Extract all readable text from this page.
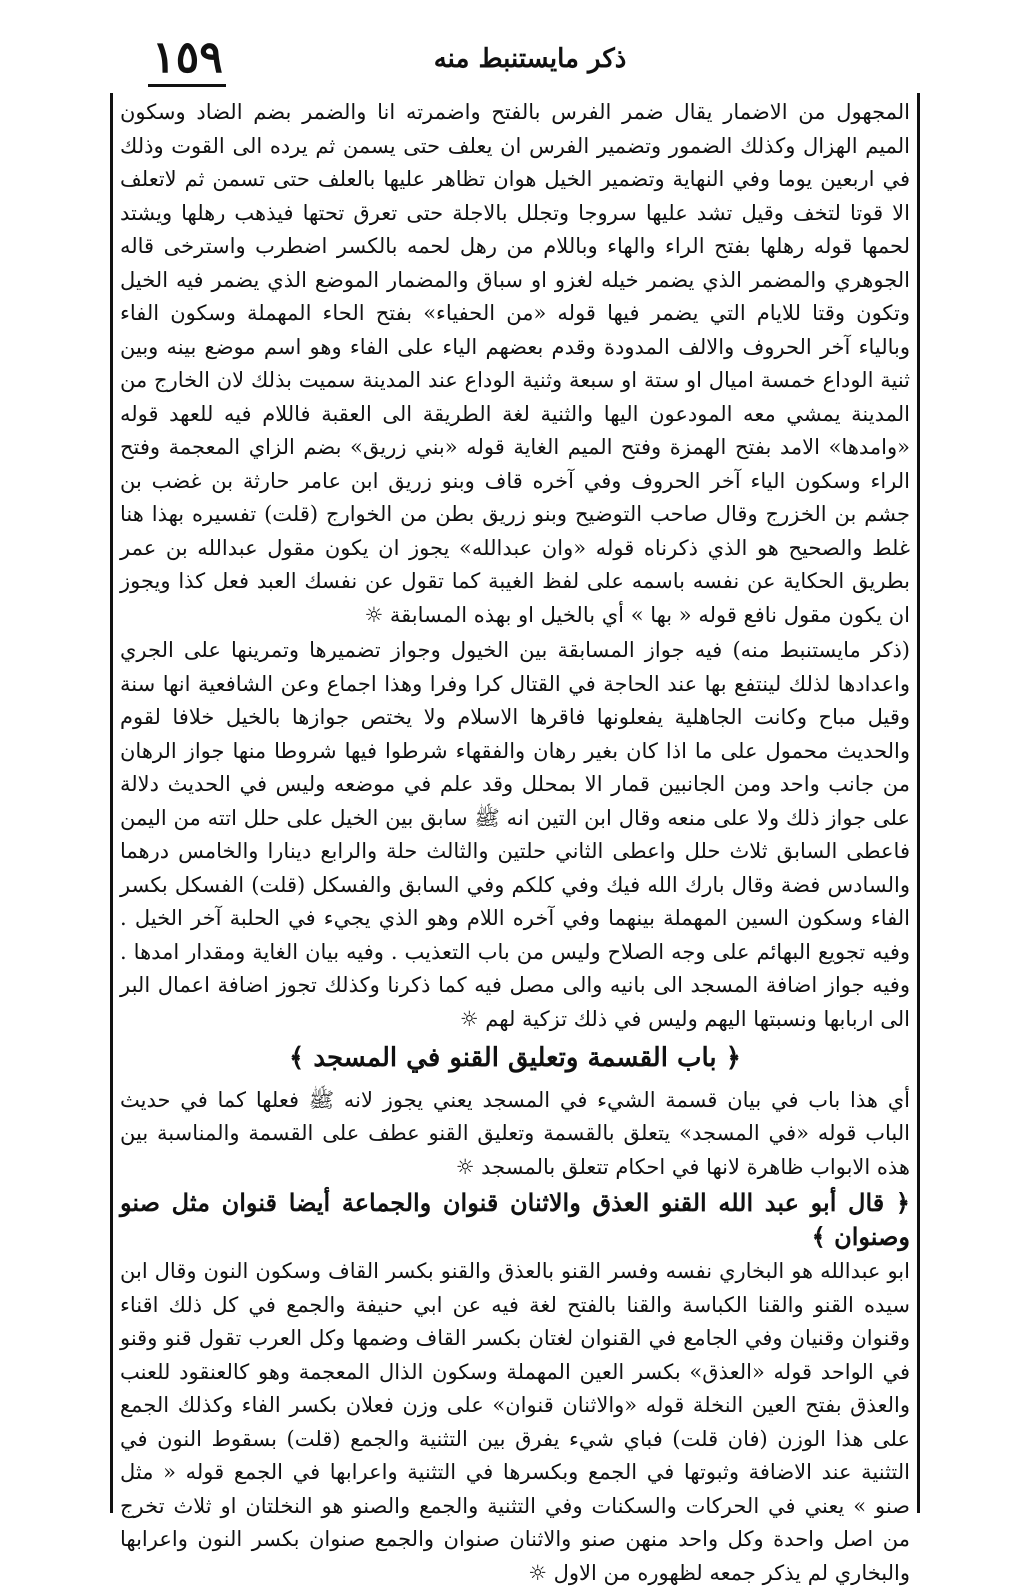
١٥٩	ذكر مايستنبط منه

المجهول من الاضمار يقال ضمر الفرس بالفتح واضمرته انا والضمر بضم الضاد وسكون الميم الهزال وكذلك الضمور وتضمير الفرس ان يعلف حتى يسمن ثم يرده الى القوت وذلك في اربعين يوما وفي النهاية وتضمير الخيل هوان تظاهر عليها بالعلف حتى تسمن ثم لاتعلف الا قوتا لتخف وقيل تشد عليها سروجا وتجلل بالاجلة حتى تعرق تحتها فيذهب رهلها ويشتد لحمها قوله رهلها بفتح الراء والهاء وباللام من رهل لحمه بالكسر اضطرب واسترخى قاله الجوهري والمضمر الذي يضمر خيله لغزو او سباق والمضمار الموضع الذي يضمر فيه الخيل وتكون وقتا للايام التي يضمر فيها قوله «من الحفياء» بفتح الحاء المهملة وسكون الفاء وبالياء آخر الحروف والالف المدودة وقدم بعضهم الياء على الفاء وهو اسم موضع بينه وبين ثنية الوداع خمسة اميال او ستة او سبعة وثنية الوداع عند المدينة سميت بذلك لان الخارج من المدينة يمشي معه المودعون اليها والثنية لغة الطريقة الى العقبة فاللام فيه للعهد قوله «وامدها» الامد بفتح الهمزة وفتح الميم الغاية قوله «بني زريق» بضم الزاي المعجمة وفتح الراء وسكون الياء آخر الحروف وفي آخره قاف وبنو زريق ابن عامر حارثة بن غضب بن جشم بن الخزرج وقال صاحب التوضيح وبنو زريق بطن من الخوارج (قلت) تفسيره بهذا هنا غلط والصحيح هو الذي ذكرناه قوله «وان عبدالله» يجوز ان يكون مقول عبدالله بن عمر بطريق الحكاية عن نفسه باسمه على لفظ الغيبة كما تقول عن نفسك العبد فعل كذا ويجوز ان يكون مقول نافع قوله « بها » أي بالخيل او بهذه المسابقة ☼

(ذكر مايستنبط منه) فيه جواز المسابقة بين الخيول وجواز تضميرها وتمرينها على الجري واعدادها لذلك لينتفع بها عند الحاجة في القتال كرا وفرا وهذا اجماع وعن الشافعية انها سنة وقيل مباح وكانت الجاهلية يفعلونها فاقرها الاسلام ولا يختص جوازها بالخيل خلافا لقوم والحديث محمول على ما اذا كان بغير رهان والفقهاء شرطوا فيها شروطا منها جواز الرهان من جانب واحد ومن الجانبين قمار الا بمحلل وقد علم في موضعه وليس في الحديث دلالة على جواز ذلك ولا على منعه وقال ابن التين انه ﷺ سابق بين الخيل على حلل اتته من اليمن فاعطى السابق ثلاث حلل واعطى الثاني حلتين والثالث حلة والرابع دينارا والخامس درهما والسادس فضة وقال بارك الله فيك وفي كلكم وفي السابق والفسكل (قلت) الفسكل بكسر الفاء وسكون السين المهملة بينهما وفي آخره اللام وهو الذي يجيء في الحلبة آخر الخيل . وفيه تجويع البهائم على وجه الصلاح وليس من باب التعذيب . وفيه بيان الغاية ومقدار امدها . وفيه جواز اضافة المسجد الى بانيه والى مصل فيه كما ذكرنا وكذلك تجوز اضافة اعمال البر الى اربابها ونسبتها اليهم وليس في ذلك تزكية لهم ☼

﴿ باب القسمة وتعليق القنو في المسجد ﴾

أي هذا باب في بيان قسمة الشيء في المسجد يعني يجوز لانه ﷺ فعلها كما في حديث الباب قوله «في المسجد» يتعلق بالقسمة وتعليق القنو عطف على القسمة والمناسبة بين هذه الابواب ظاهرة لانها في احكام تتعلق بالمسجد ☼

﴿ قال أبو عبد الله القنو العذق والاثنان قنوان والجماعة أيضا قنوان مثل صنو وصنوان ﴾

ابو عبدالله هو البخاري نفسه وفسر القنو بالعذق والقنو بكسر القاف وسكون النون وقال ابن سيده القنو والقنا الكباسة والقنا بالفتح لغة فيه عن ابي حنيفة والجمع في كل ذلك اقناء وقنوان وقنيان وفي الجامع في القنوان لغتان بكسر القاف وضمها وكل العرب تقول قنو وقنو في الواحد قوله «العذق» بكسر العين المهملة وسكون الذال المعجمة وهو كالعنقود للعنب والعذق بفتح العين النخلة قوله «والاثنان قنوان» على وزن فعلان بكسر الفاء وكذلك الجمع على هذا الوزن (فان قلت) فباي شيء يفرق بين التثنية والجمع (قلت) بسقوط النون في التثنية عند الاضافة وثبوتها في الجمع وبكسرها في التثنية واعرابها في الجمع قوله « مثل صنو » يعني في الحركات والسكنات وفي التثنية والجمع والصنو هو النخلتان او ثلاث تخرج من اصل واحدة وكل واحد منهن صنو والاثنان صنوان والجمع صنوان بكسر النون واعرابها والبخاري لم يذكر جمعه لظهوره من الاول ☼
